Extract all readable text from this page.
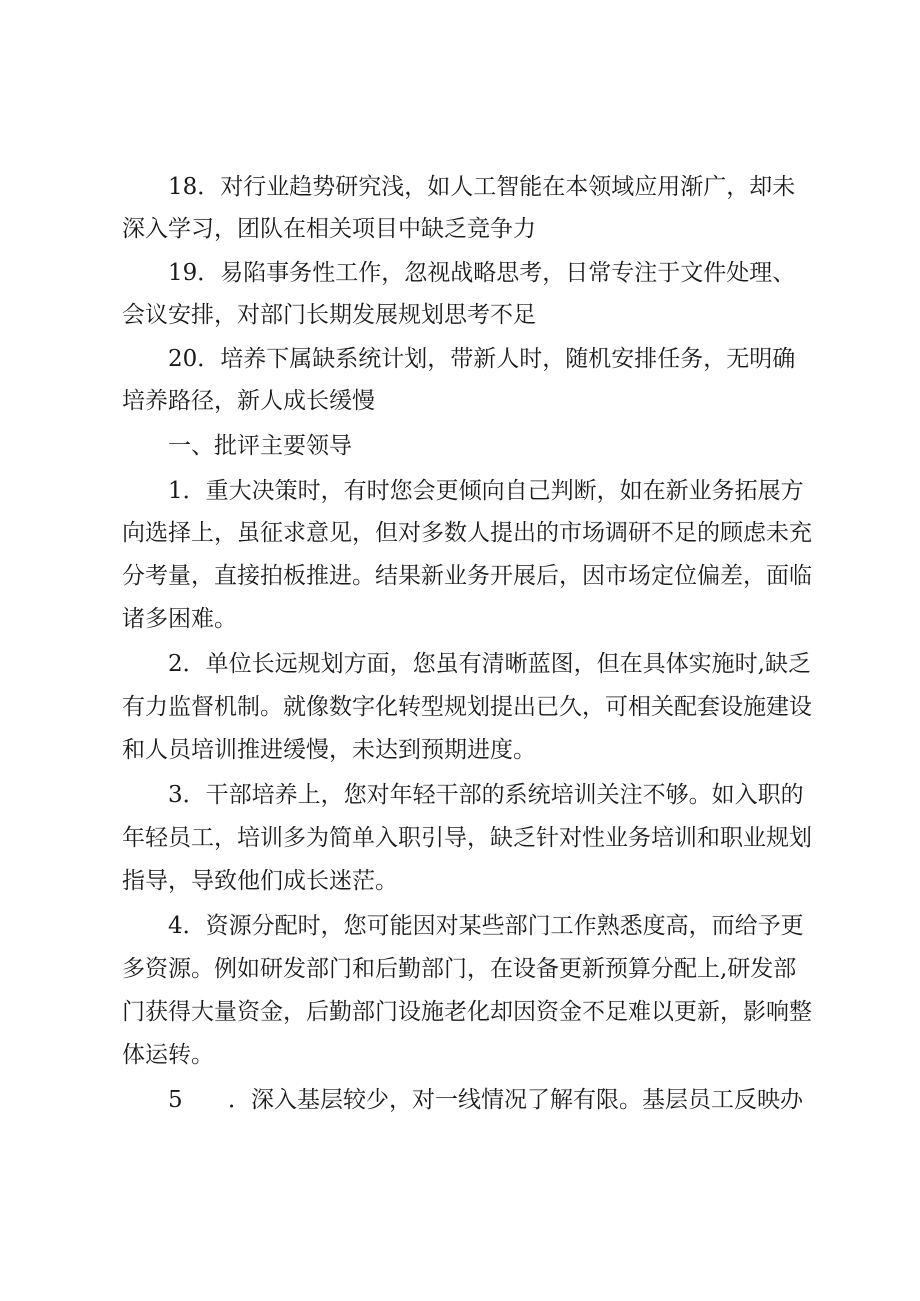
18．对行业趋势研究浅，如人工智能在本领域应用渐广，却未
深入学习，团队在相关项目中缺乏竞争力
19．易陷事务性工作，忽视战略思考，日常专注于文件处理、
会议安排，对部门长期发展规划思考不足
20．培养下属缺系统计划，带新人时，随机安排任务，无明确
培养路径，新人成长缓慢
一、批评主要领导
1．重大决策时，有时您会更倾向自己判断，如在新业务拓展方
向选择上，虽征求意见，但对多数人提出的市场调研不足的顾虑未充
分考量，直接拍板推进。结果新业务开展后，因市场定位偏差，面临
诸多困难。
2．单位长远规划方面，您虽有清晰蓝图，但在具体实施时,缺乏
有力监督机制。就像数字化转型规划提出已久，可相关配套设施建设
和人员培训推进缓慢，未达到预期进度。
3．干部培养上，您对年轻干部的系统培训关注不够。如入职的
年轻员工，培训多为简单入职引导，缺乏针对性业务培训和职业规划
指导，导致他们成长迷茫。
4．资源分配时，您可能因对某些部门工作熟悉度高，而给予更
多资源。例如研发部门和后勤部门，在设备更新预算分配上,研发部
门获得大量资金，后勤部门设施老化却因资金不足难以更新，影响整
体运转。
5 ．深入基层较少，对一线情况了解有限。基层员工反映办
